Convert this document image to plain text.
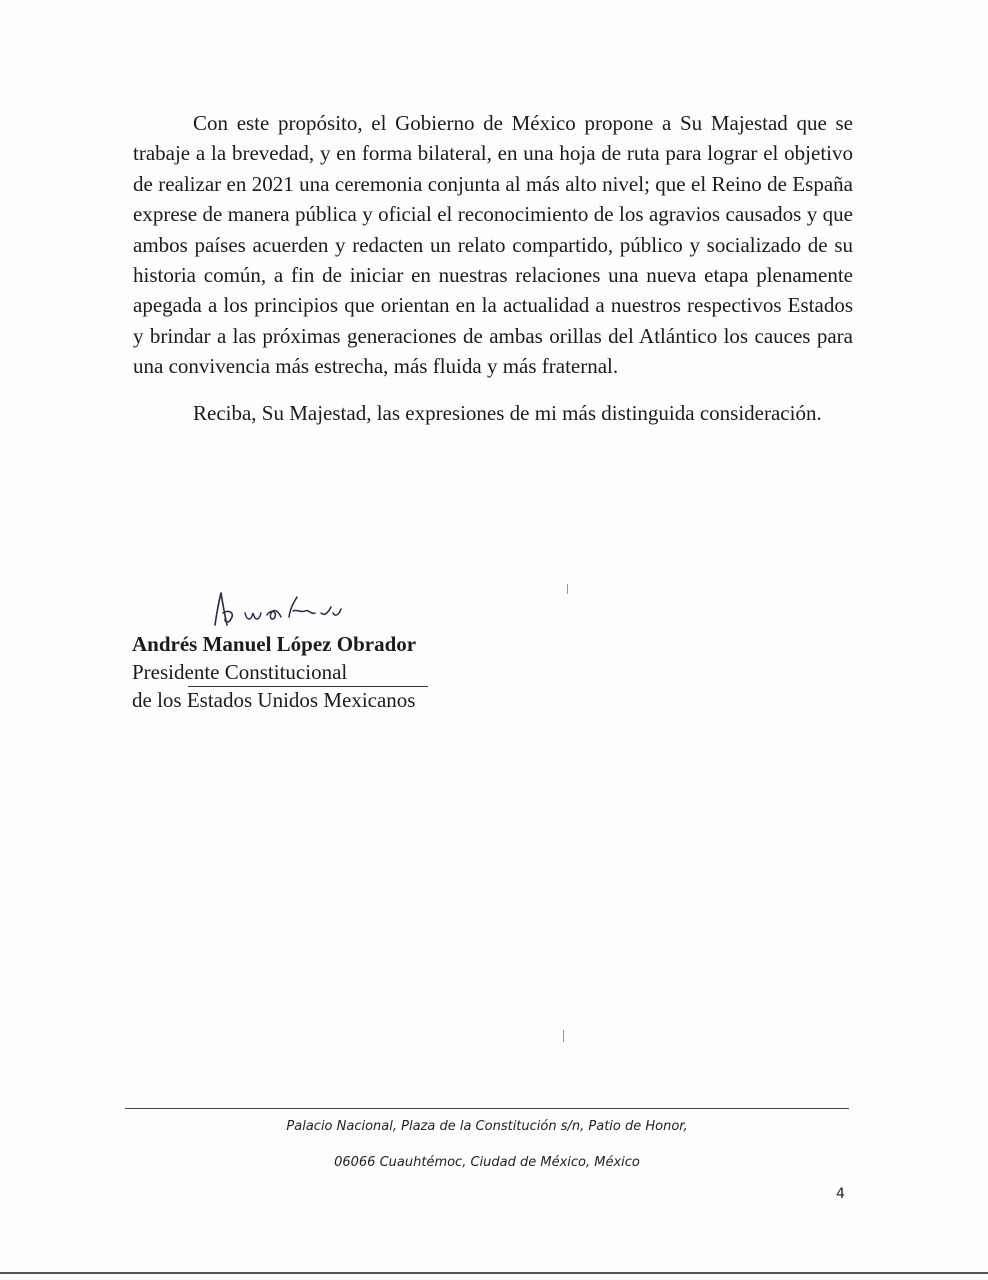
Con este propósito, el Gobierno de México propone a Su Majestad que se trabaje a la brevedad, y en forma bilateral, en una hoja de ruta para lograr el objetivo de realizar en 2021 una ceremonia conjunta al más alto nivel; que el Reino de España exprese de manera pública y oficial el reconocimiento de los agravios causados y que ambos países acuerden y redacten un relato compartido, público y socializado de su historia común, a fin de iniciar en nuestras relaciones una nueva etapa plenamente apegada a los principios que orientan en la actualidad a nuestros respectivos Estados y brindar a las próximas generaciones de ambas orillas del Atlántico los cauces para una convivencia más estrecha, más fluida y más fraternal.

Reciba, Su Majestad, las expresiones de mi más distinguida consideración.

Andrés Manuel López Obrador
Presidente Constitucional
de los Estados Unidos Mexicanos
Palacio Nacional, Plaza de la Constitución s/n, Patio de Honor,
06066 Cuauhtémoc, Ciudad de México, México
4
